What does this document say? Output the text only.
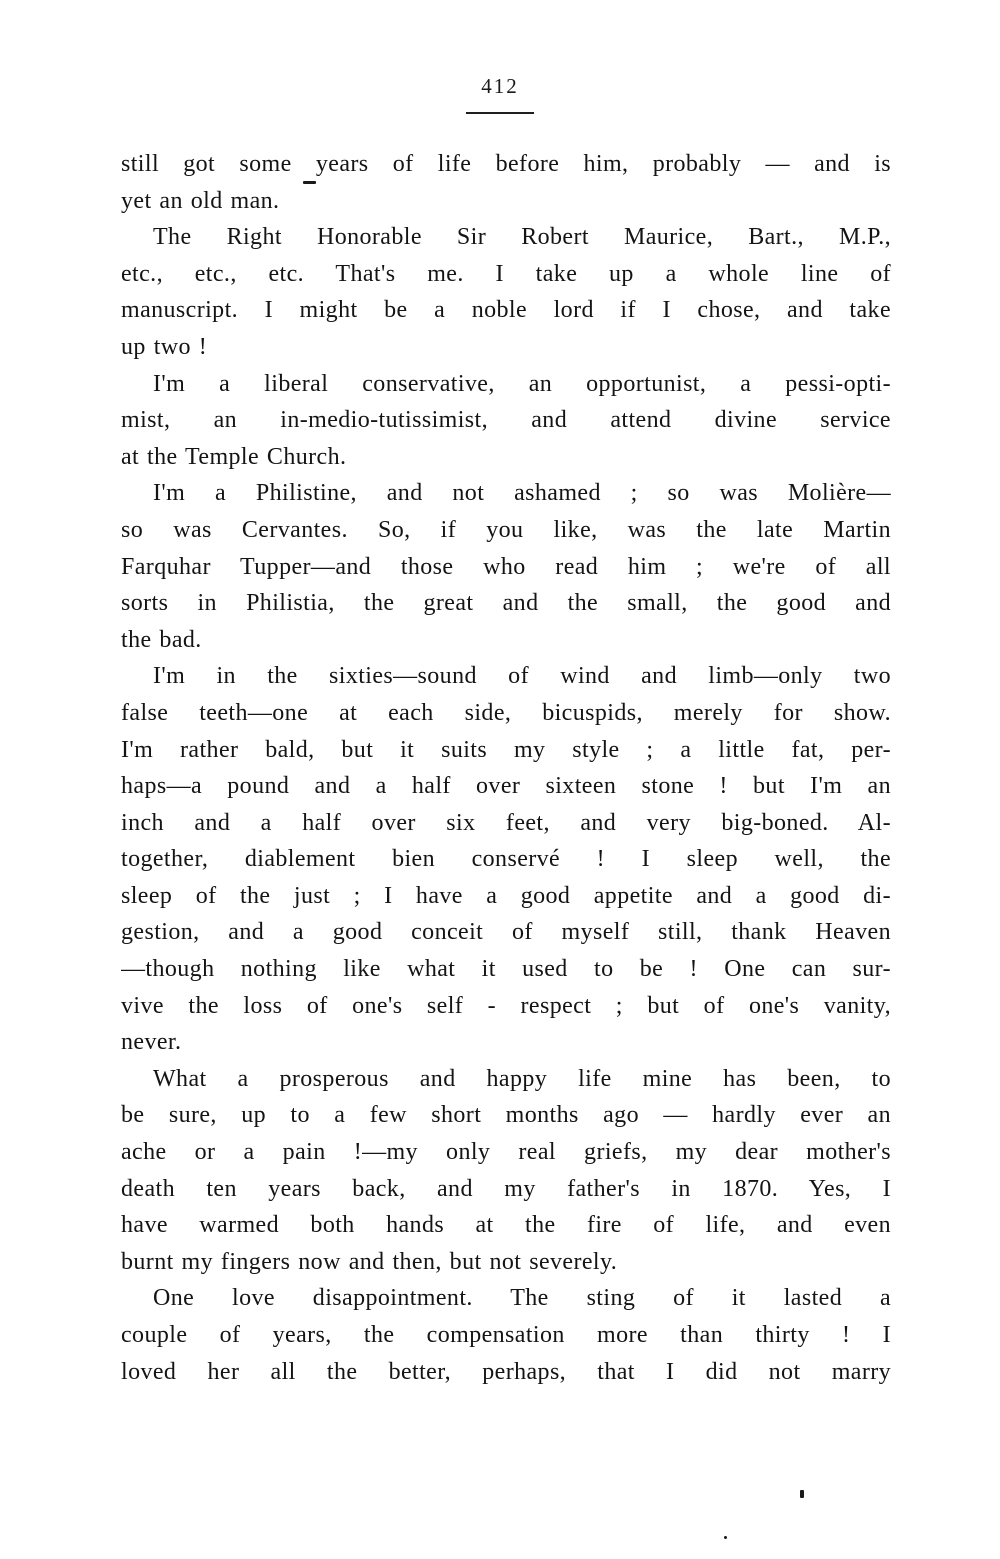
412
still got some years of life before him, probably — and is
yet an old man.
The Right Honorable Sir Robert Maurice, Bart., M.P.,
etc., etc., etc. That's me. I take up a whole line of
manuscript. I might be a noble lord if I chose, and take
up two !
I'm a liberal conservative, an opportunist, a pessi-opti-
mist, an in-medio-tutissimist, and attend divine service
at the Temple Church.
I'm a Philistine, and not ashamed ; so was Molière—
so was Cervantes. So, if you like, was the late Martin
Farquhar Tupper—and those who read him ; we're of all
sorts in Philistia, the great and the small, the good and
the bad.
I'm in the sixties—sound of wind and limb—only two
false teeth—one at each side, bicuspids, merely for show.
I'm rather bald, but it suits my style ; a little fat, per-
haps—a pound and a half over sixteen stone ! but I'm an
inch and a half over six feet, and very big-boned. Al-
together, diablement bien conservé ! I sleep well, the
sleep of the just ; I have a good appetite and a good di-
gestion, and a good conceit of myself still, thank Heaven
—though nothing like what it used to be ! One can sur-
vive the loss of one's self - respect ; but of one's vanity,
never.
What a prosperous and happy life mine has been, to
be sure, up to a few short months ago — hardly ever an
ache or a pain !—my only real griefs, my dear mother's
death ten years back, and my father's in 1870. Yes, I
have warmed both hands at the fire of life, and even
burnt my fingers now and then, but not severely.
One love disappointment. The sting of it lasted a
couple of years, the compensation more than thirty ! I
loved her all the better, perhaps, that I did not marry
